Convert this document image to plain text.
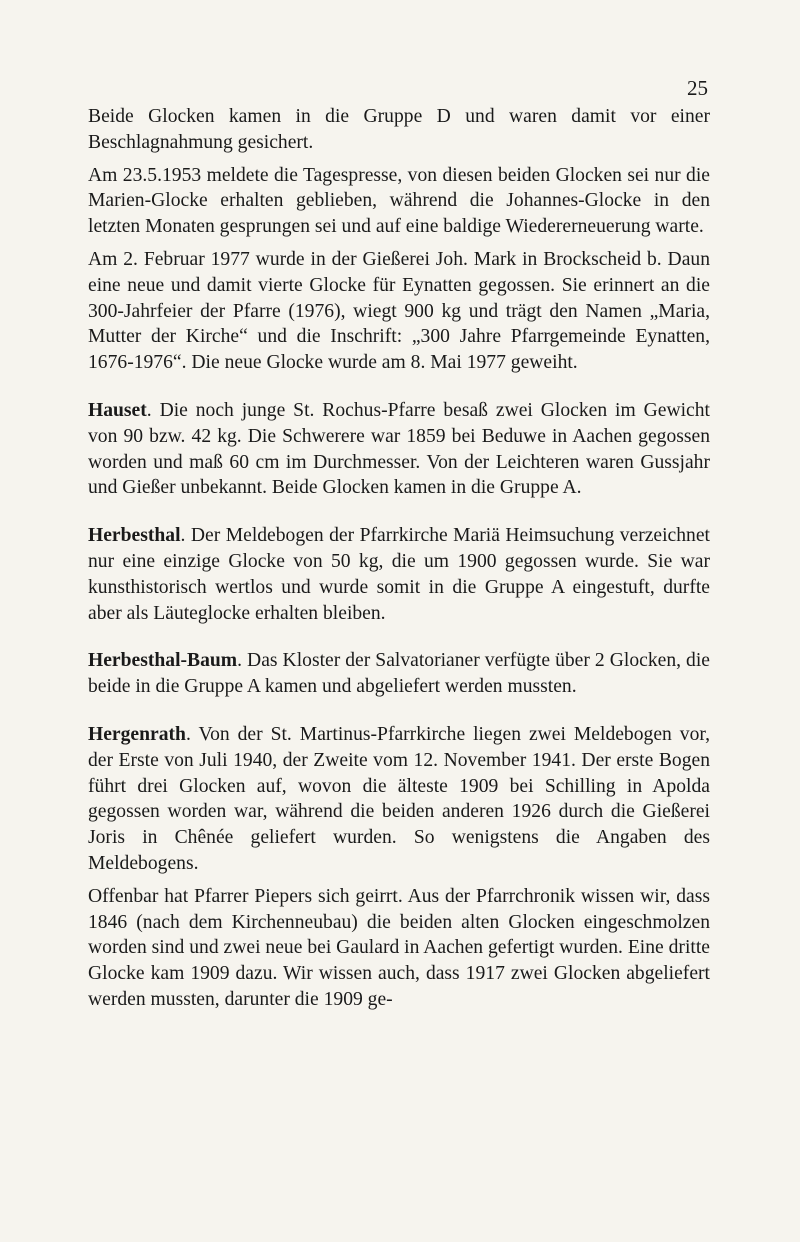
25

Beide Glocken kamen in die Gruppe D und waren damit vor einer Beschlagnahmung gesichert.

Am 23.5.1953 meldete die Tagespresse, von diesen beiden Glocken sei nur die Marien-Glocke erhalten geblieben, während die Johannes-Glocke in den letzten Monaten gesprungen sei und auf eine baldige Wiedererneuerung warte.

Am 2. Februar 1977 wurde in der Gießerei Joh. Mark in Brockscheid b. Daun eine neue und damit vierte Glocke für Eynatten gegossen. Sie erinnert an die 300-Jahrfeier der Pfarre (1976), wiegt 900 kg und trägt den Namen „Maria, Mutter der Kirche“ und die Inschrift: „300 Jahre Pfarrgemeinde Eynatten, 1676-1976“. Die neue Glocke wurde am 8. Mai 1977 geweiht.

Hauset. Die noch junge St. Rochus-Pfarre besaß zwei Glocken im Gewicht von 90 bzw. 42 kg. Die Schwerere war 1859 bei Beduwe in Aachen gegossen worden und maß 60 cm im Durchmesser. Von der Leichteren waren Gussjahr und Gießer unbekannt. Beide Glocken kamen in die Gruppe A.

Herbesthal. Der Meldebogen der Pfarrkirche Mariä Heimsuchung verzeichnet nur eine einzige Glocke von 50 kg, die um 1900 gegossen wurde. Sie war kunsthistorisch wertlos und wurde somit in die Gruppe A eingestuft, durfte aber als Läuteglocke erhalten bleiben.

Herbesthal-Baum. Das Kloster der Salvatorianer verfügte über 2 Glocken, die beide in die Gruppe A kamen und abgeliefert werden mussten.

Hergenrath. Von der St. Martinus-Pfarrkirche liegen zwei Meldebogen vor, der Erste von Juli 1940, der Zweite vom 12. November 1941. Der erste Bogen führt drei Glocken auf, wovon die älteste 1909 bei Schilling in Apolda gegossen worden war, während die beiden anderen 1926 durch die Gießerei Joris in Chênée geliefert wurden. So wenigstens die Angaben des Meldebogens.

Offenbar hat Pfarrer Piepers sich geirrt. Aus der Pfarrchronik wissen wir, dass 1846 (nach dem Kirchenneubau) die beiden alten Glocken eingeschmolzen worden sind und zwei neue bei Gaulard in Aachen gefertigt wurden. Eine dritte Glocke kam 1909 dazu. Wir wissen auch, dass 1917 zwei Glocken abgeliefert werden mussten, darunter die 1909 ge-
